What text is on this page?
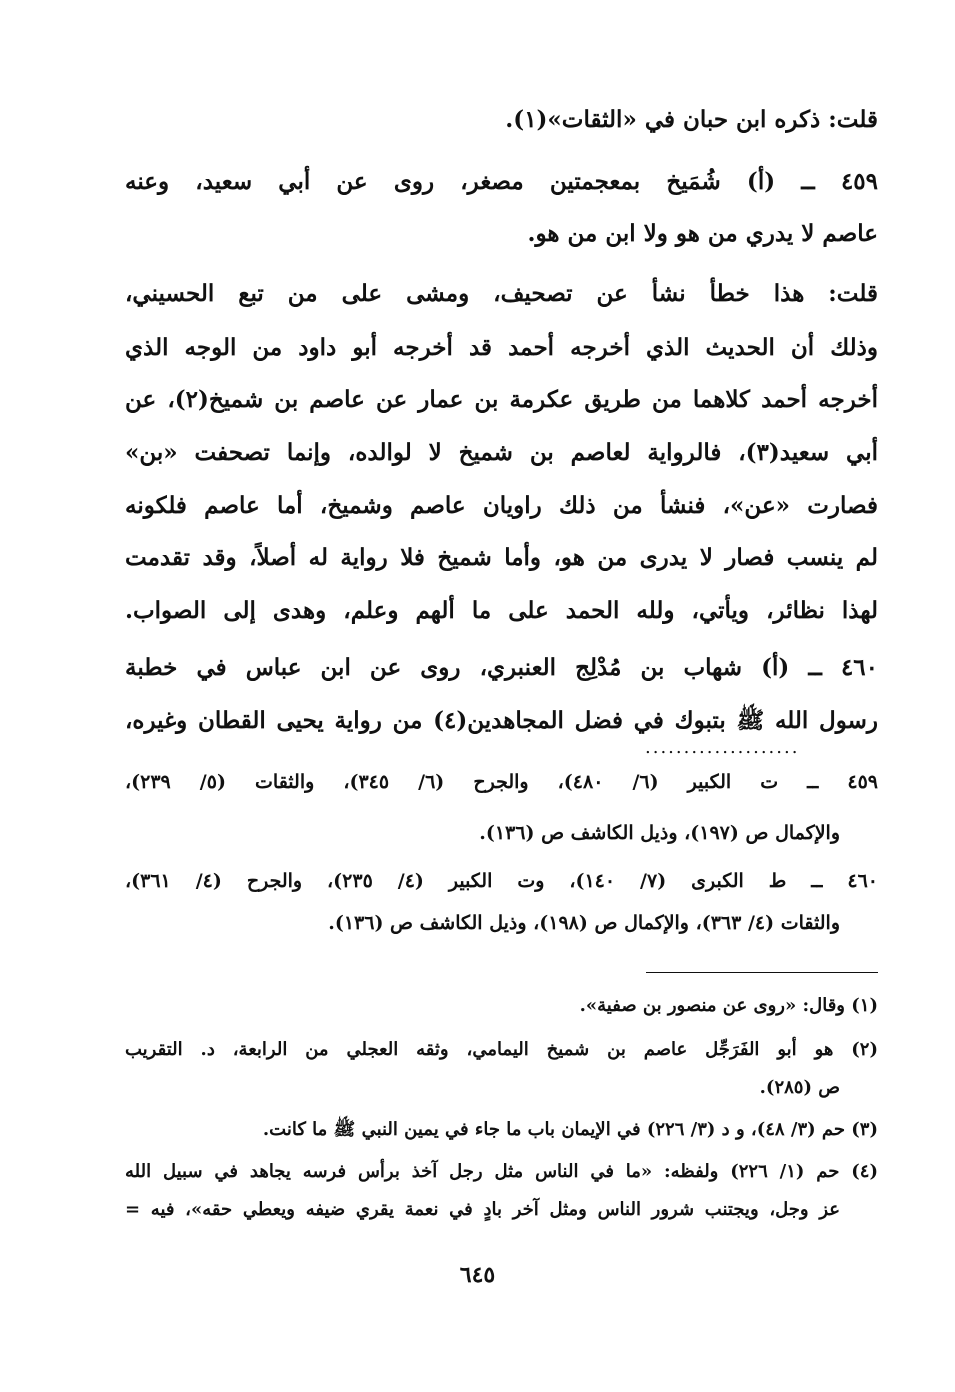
قلت: ذكره ابن حبان في «الثقات»(١).
٤٥٩ ــ (أ) شُمَيخ بمعجمتين مصغر، روى عن أبي سعيد، وعنه
عاصم لا يدري من هو ولا ابن من هو.
قلت: هذا خطأ نشأ عن تصحيف، ومشى على من تبع الحسيني،
وذلك أن الحديث الذي أخرجه أحمد قد أخرجه أبو داود من الوجه الذي
أخرجه أحمد كلاهما من طريق عكرمة بن عمار عن عاصم بن شميخ(٢)، عن
أبي سعيد(٣)، فالرواية لعاصم بن شميخ لا لوالده، وإنما تصحفت «بن»
فصارت «عن»، فنشأ من ذلك راويان عاصم وشميخ، أما عاصم فلكونه
لم ينسب فصار لا يدرى من هو، وأما شميخ فلا رواية له أصلاً، وقد تقدمت
لهذا نظائر، ويأتي، ولله الحمد على ما ألهم وعلم، وهدى إلى الصواب.
٤٦٠ ــ (أ) شهاب بن مُدْلِج العنبري، روى عن ابن عباس في خطبة
رسول الله ﷺ بتبوك في فضل المجاهدين(٤) من رواية يحيى القطان وغيره،
....................
٤٥٩ ــ ت الكبير (٦/ ٤٨٠)، والجرح (٦/ ٣٤٥)، والثقات (٥/ ٢٣٩)،
والإكمال ص (١٩٧)، وذيل الكاشف ص (١٣٦).
٤٦٠ ــ ط الكبرى (٧/ ١٤٠)، وت الكبير (٤/ ٢٣٥)، والجرح (٤/ ٣٦١)،
والثقات (٤/ ٣٦٣)، والإكمال ص (١٩٨)، وذيل الكاشف ص (١٣٦).
(١) وقال: «روى عن منصور بن صفية».
(٢) هو أبو الفَرَجِّل عاصم بن شميخ اليمامي، وثقه العجلي من الرابعة، د. التقريب
ص (٢٨٥).
(٣) حم (٣/ ٤٨)، و د (٣/ ٢٢٦) في الإيمان باب ما جاء في يمين النبي ﷺ ما كانت.
(٤) حم (١/ ٢٢٦) ولفظه: «ما في الناس مثل رجل آخذ برأس فرسه يجاهد في سبيل الله
عز وجل، ويجتنب شرور الناس ومثل آخر بادٍ في نعمة يقري ضيفه ويعطي حقه»، فيه =
٦٤٥
